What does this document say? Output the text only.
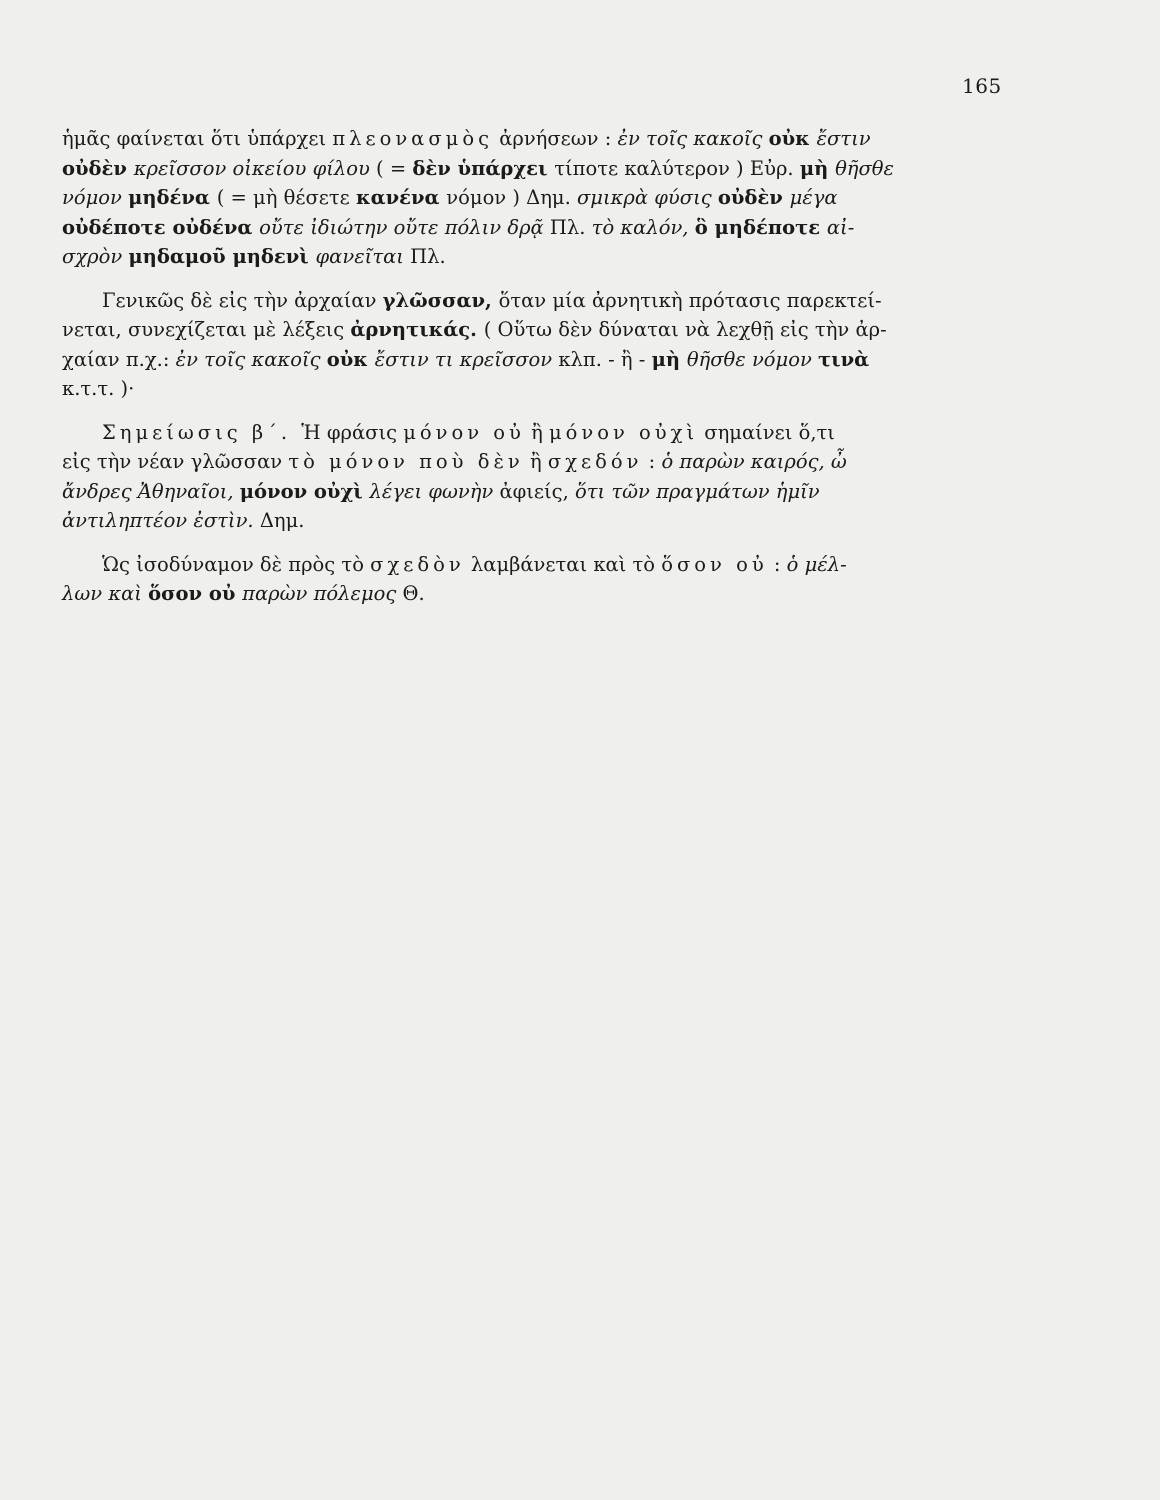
165
ἡμᾶς φαίνεται ὅτι ὑπάρχει πλεονασμὸς ἀρνήσεων : ἐν τοῖς κακοῖς οὐκ ἔστιν
οὐδὲν κρεῖσσον οἰκείου φίλου ( = δὲν ὑπάρχει τίποτε καλύτερον ) Εὐρ. μὴ θῆσθε
νόμον μηδένα ( = μὴ θέσετε κανένα νόμον ) Δημ. σμικρὰ φύσις οὐδὲν μέγα
οὐδέποτε οὐδένα οὔτε ἰδιώτην οὔτε πόλιν δρᾷ Πλ. τὸ καλόν, ὃ μηδέποτε αἰ-
σχρὸν μηδαμοῦ μηδενὶ φανεῖται Πλ.
Γενικῶς δὲ εἰς τὴν ἀρχαίαν γλῶσσαν, ὅταν μία ἀρνητικὴ πρότασις παρεκτεί-
νεται, συνεχίζεται μὲ λέξεις ἀρνητικάς. ( Οὕτω δὲν δύναται νὰ λεχθῇ εἰς τὴν ἀρ-
χαίαν π.χ.: ἐν τοῖς κακοῖς οὐκ ἔστιν τι κρεῖσσον κλπ. - ἢ - μὴ θῆσθε νόμον τινὰ
κ.τ.τ. )·
Σημείωσις β΄. Ἡ φράσις μόνον οὐ ἢ μόνον οὐχὶ σημαίνει ὅ,τι
εἰς τὴν νέαν γλῶσσαν τὸ μόνον ποὺ δὲν ἢ σχεδόν : ὁ παρὼν καιρός, ὦ
ἄνδρες Ἀθηναῖοι, μόνον οὐχὶ λέγει φωνὴν ἀφιείς, ὅτι τῶν πραγμάτων ἡμῖν
ἀντιληπτέον ἐστὶν. Δημ.
Ὡς ἰσοδύναμον δὲ πρὸς τὸ σχεδὸν λαμβάνεται καὶ τὸ ὅσον οὐ : ὁ μέλ-
λων καὶ ὅσον οὐ παρὼν πόλεμος Θ.
